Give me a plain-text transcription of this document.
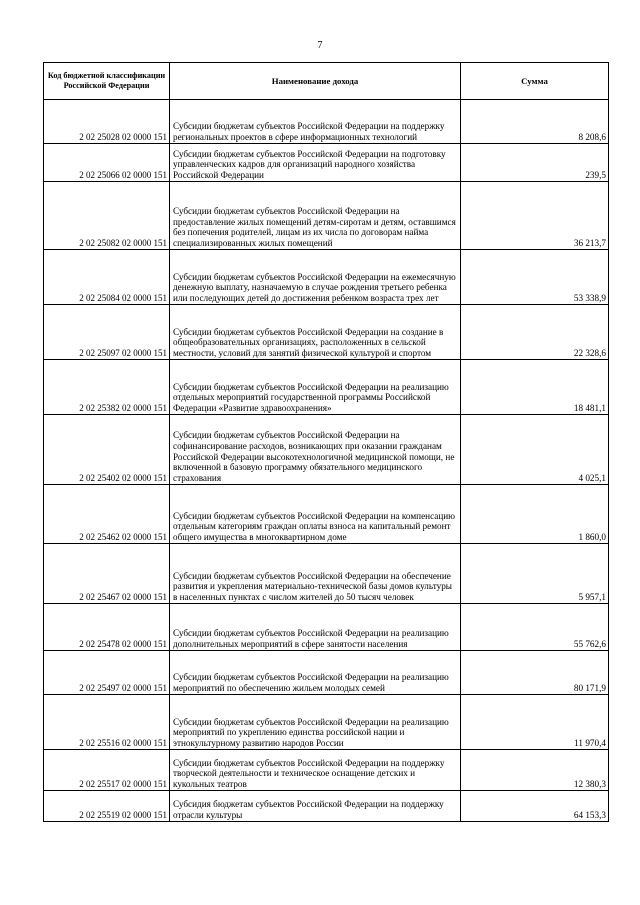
7
Код бюджетной классификации Российской Федерации	Наименование дохода	Сумма
2 02 25028 02 0000 151	Субсидии бюджетам субъектов Российской Федерации на поддержку региональных проектов в сфере информационных технологий	8 208,6
2 02 25066 02 0000 151	Субсидии бюджетам субъектов Российской Федерации на подготовку управленческих кадров для организаций народного хозяйства Российской Федерации	239,5
2 02 25082 02 0000 151	Субсидии бюджетам субъектов Российской Федерации на предоставление жилых помещений детям-сиротам и детям, оставшимся без попечения родителей, лицам из их числа по договорам найма специализированных жилых помещений	36 213,7
2 02 25084 02 0000 151	Субсидии бюджетам субъектов Российской Федерации на ежемесячную денежную выплату, назначаемую в случае рождения третьего ребенка или последующих детей до достижения ребенком возраста трех лет	53 338,9
2 02 25097 02 0000 151	Субсидии бюджетам субъектов Российской Федерации на создание в общеобразовательных организациях, расположенных в сельской местности, условий для занятий физической культурой и спортом	22 328,6
2 02 25382 02 0000 151	Субсидии бюджетам субъектов Российской Федерации на реализацию отдельных мероприятий государственной программы Российской Федерации «Развитие здравоохранения»	18 481,1
2 02 25402 02 0000 151	Субсидии бюджетам субъектов Российской Федерации на софинансирование расходов, возникающих при оказании гражданам Российской Федерации высокотехнологичной медицинской помощи, не включенной в базовую программу обязательного медицинского страхования	4 025,1
2 02 25462 02 0000 151	Субсидии бюджетам субъектов Российской Федерации на компенсацию отдельным категориям граждан оплаты взноса на капитальный ремонт общего имущества в многоквартирном доме	1 860,0
2 02 25467 02 0000 151	Субсидии бюджетам субъектов Российской Федерации на обеспечение развития и укрепления материально-технической базы домов культуры в населенных пунктах с числом жителей до 50 тысяч человек	5 957,1
2 02 25478 02 0000 151	Субсидии бюджетам субъектов Российской Федерации на реализацию дополнительных мероприятий в сфере занятости населения	55 762,6
2 02 25497 02 0000 151	Субсидии бюджетам субъектов Российской Федерации на реализацию мероприятий по обеспечению жильем молодых семей	80 171,9
2 02 25516 02 0000 151	Субсидии бюджетам субъектов Российской Федерации на реализацию мероприятий по укреплению единства российской нации и этнокультурному развитию народов России	11 970,4
2 02 25517 02 0000 151	Субсидии бюджетам субъектов Российской Федерации на поддержку творческой деятельности и техническое оснащение детских и кукольных театров	12 380,3
2 02 25519 02 0000 151	Субсидия бюджетам субъектов Российской Федерации на поддержку отрасли культуры	64 153,3
